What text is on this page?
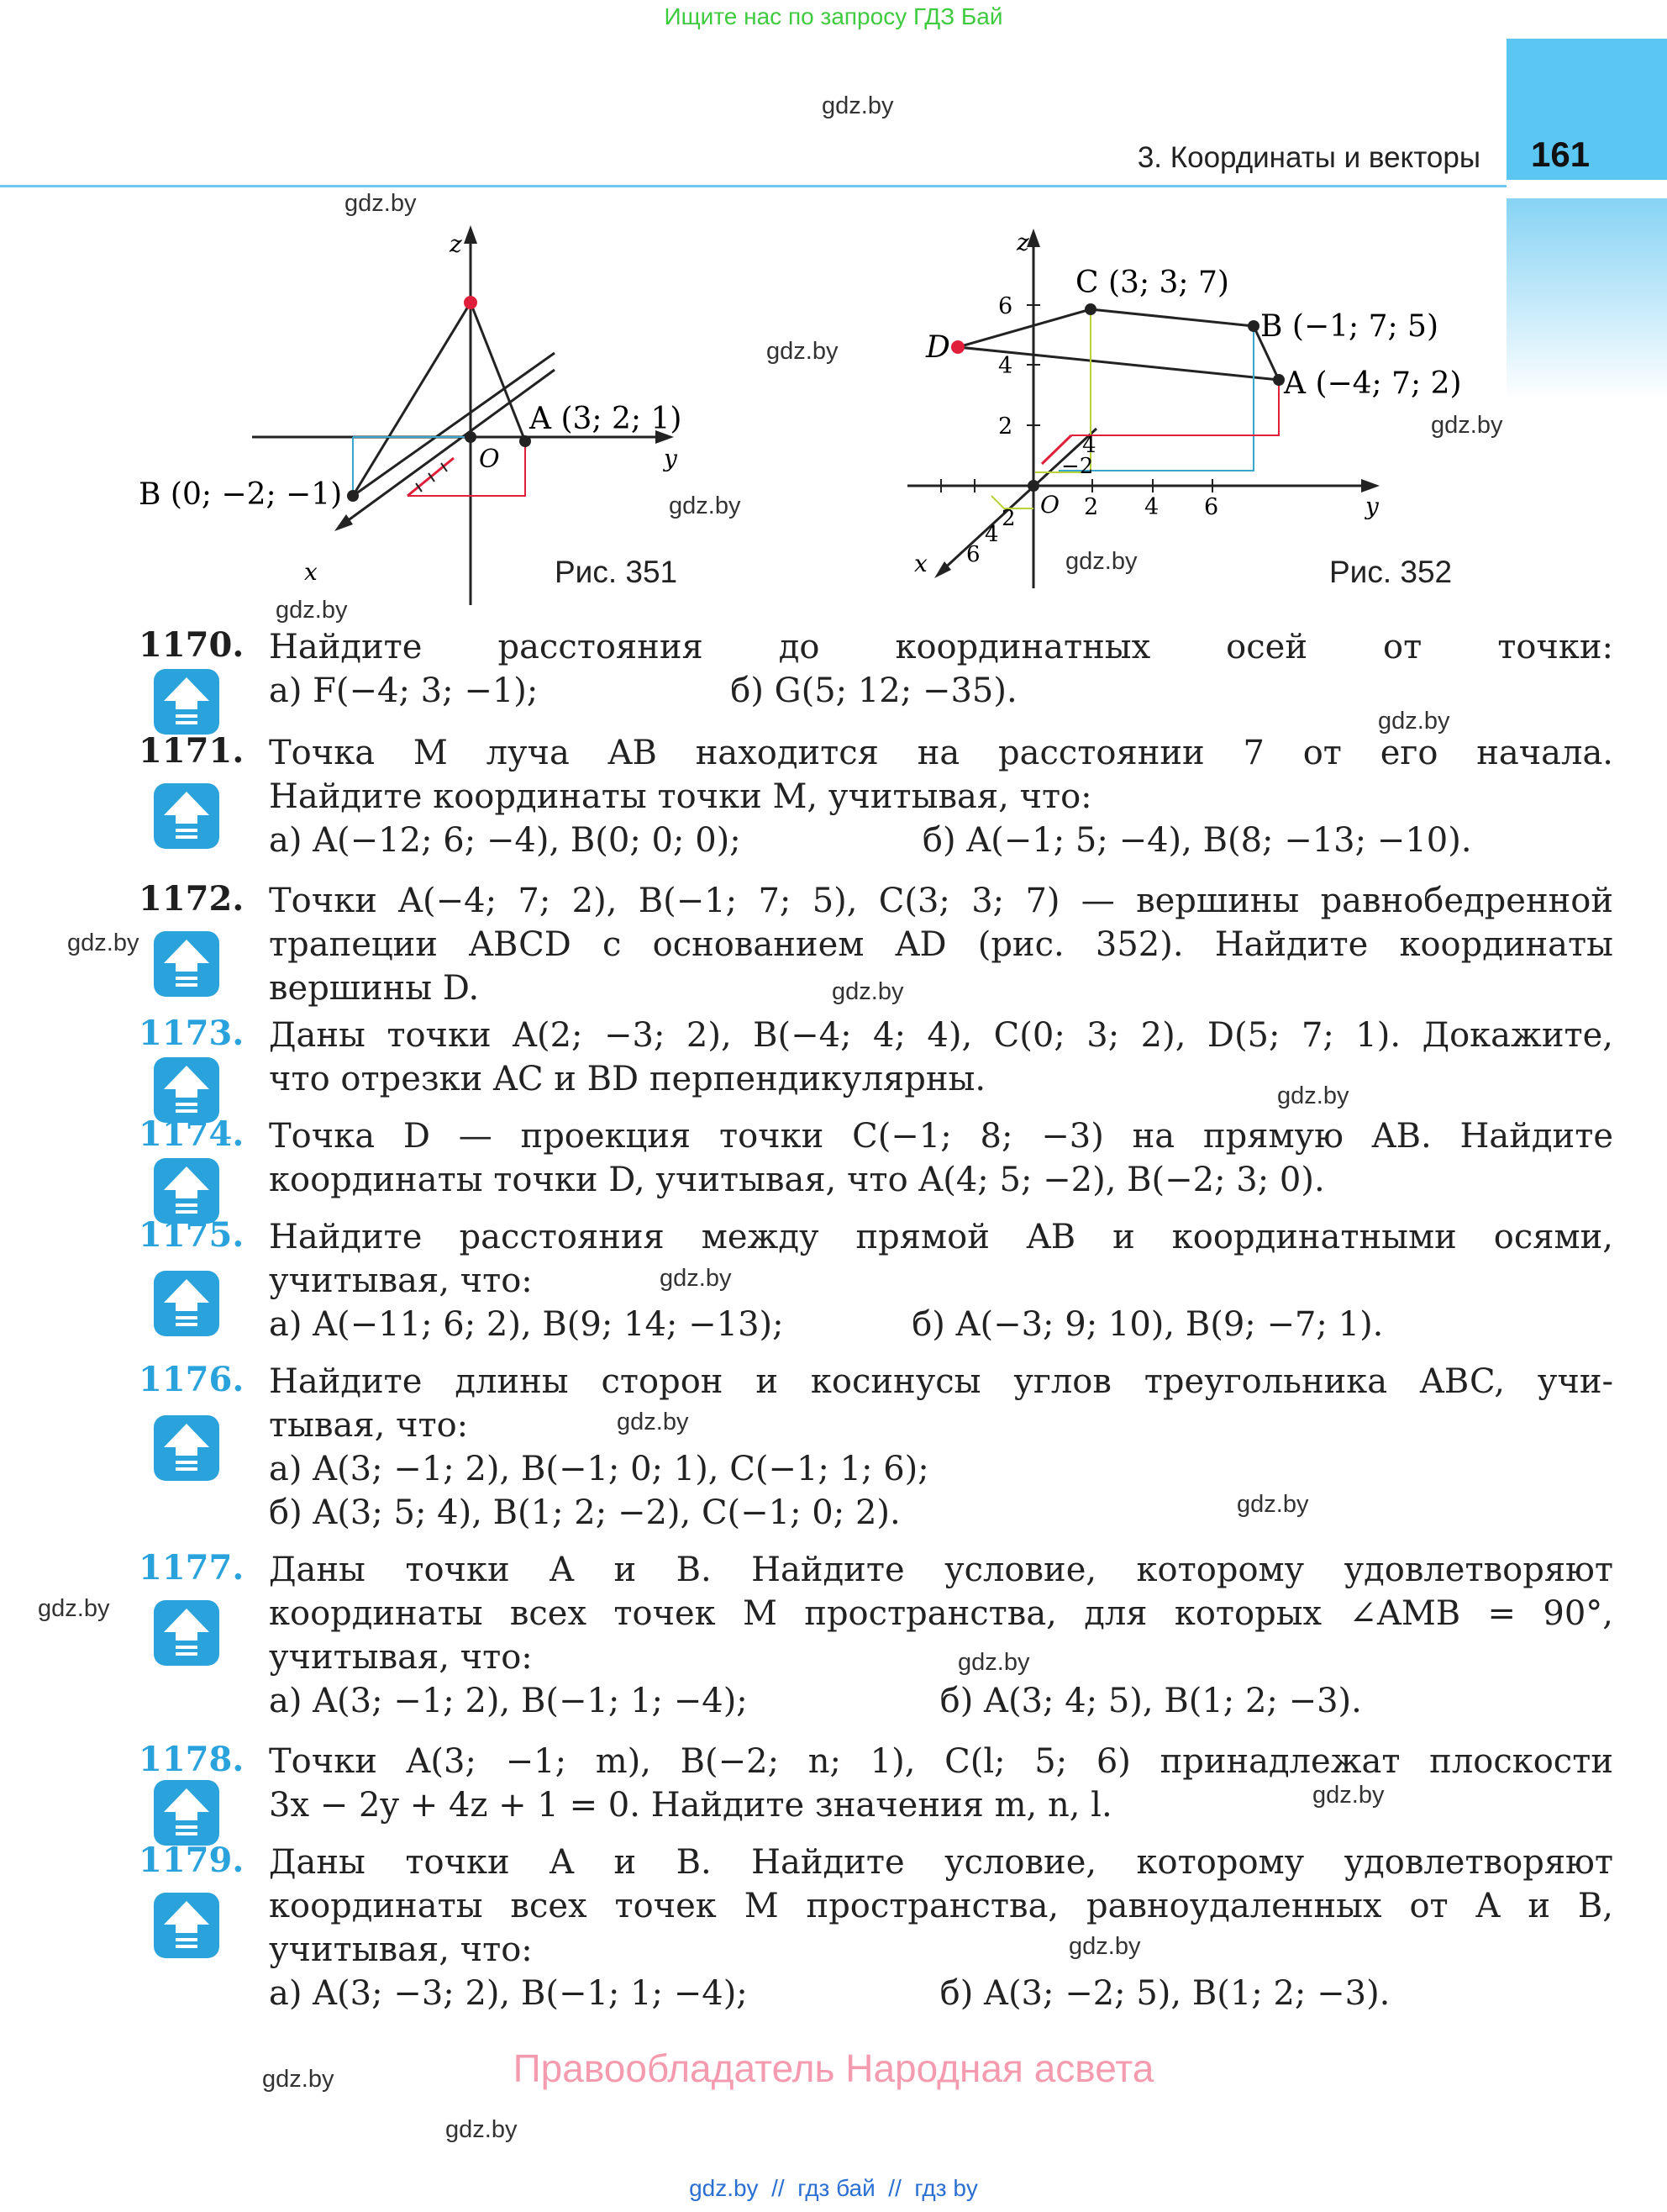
Ищите нас по запросу ГДЗ Бай
3. Координаты и векторы 161
z
y
x
O
A (3; 2; 1)
B (0; −2; −1)
Рис. 351
z
y
x
O
C (3; 3; 7)
B (−1; 7; 5)
A (−4; 7; 2)
D
6
4
2
2 4 6
2
4
6
−2
4
Рис. 352
1170. Найдите расстояния до координатных осей от точки:
а) F(−4; 3; −1);                  б) G(5; 12; −35).
1171. Точка M луча AB находится на расстоянии 7 от его начала.
Найдите координаты точки M, учитывая, что:
а) A(−12; 6; −4), B(0; 0; 0);                 б) A(−1; 5; −4), B(8; −13; −10).
1172. Точки A(−4; 7; 2), B(−1; 7; 5), C(3; 3; 7) — вершины равнобедренной
трапеции ABCD с основанием AD (рис. 352). Найдите координаты
вершины D.
1173. Даны точки A(2; −3; 2), B(−4; 4; 4), C(0; 3; 2), D(5; 7; 1). Докажите,
что отрезки AC и BD перпендикулярны.
1174. Точка D — проекция точки C(−1; 8; −3) на прямую AB. Найдите
координаты точки D, учитывая, что A(4; 5; −2), B(−2; 3; 0).
1175. Найдите расстояния между прямой AB и координатными осями,
учитывая, что:
а) A(−11; 6; 2), B(9; 14; −13);            б) A(−3; 9; 10), B(9; −7; 1).
1176. Найдите длины сторон и косинусы углов треугольника ABC, учи-
тывая, что:
а) A(3; −1; 2), B(−1; 0; 1), C(−1; 1; 6);
б) A(3; 5; 4), B(1; 2; −2), C(−1; 0; 2).
1177. Даны точки A и B. Найдите условие, которому удовлетворяют
координаты всех точек M пространства, для которых ∠AMB = 90°,
учитывая, что:
а) A(3; −1; 2), B(−1; 1; −4);                  б) A(3; 4; 5), B(1; 2; −3).
1178. Точки A(3; −1; m), B(−2; n; 1), C(l; 5; 6) принадлежат плоскости
3x − 2y + 4z + 1 = 0. Найдите значения m, n, l.
1179. Даны точки A и B. Найдите условие, которому удовлетворяют
координаты всех точек M пространства, равноудаленных от A и B,
учитывая, что:
а) A(3; −3; 2), B(−1; 1; −4);                  б) A(3; −2; 5), B(1; 2; −3).
gdz.by
gdz.by
gdz.by
gdz.by
gdz.by
gdz.by
gdz.by
gdz.by
gdz.by
gdz.by
gdz.by
gdz.by
gdz.by
gdz.by
gdz.by
gdz.by
gdz.by
gdz.by
gdz.by
gdz.by
Правообладатель Народная асвета
gdz.by  //  гдз бай  //  гдз by
